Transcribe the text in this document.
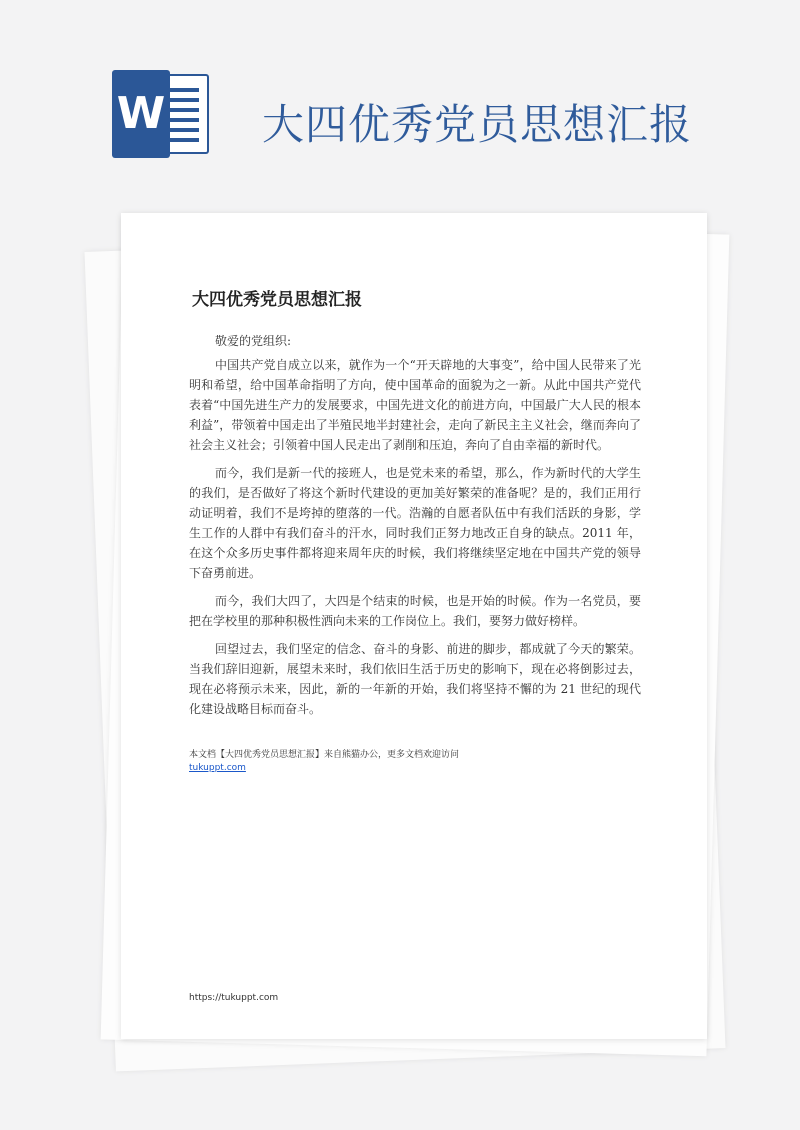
W 大四优秀党员思想汇报
大四优秀党员思想汇报

敬爱的党组织:

中国共产党自成立以来，就作为一个“开天辟地的大事变”，给中国人民带来了光明和希望，给中国革命指明了方向，使中国革命的面貌为之一新。从此中国共产党代表着“中国先进生产力的发展要求，中国先进文化的前进方向，中国最广大人民的根本利益”，带领着中国走出了半殖民地半封建社会，走向了新民主主义社会，继而奔向了社会主义社会；引领着中国人民走出了剥削和压迫，奔向了自由幸福的新时代。

而今，我们是新一代的接班人，也是党未来的希望，那么，作为新时代的大学生的我们，是否做好了将这个新时代建设的更加美好繁荣的准备呢？是的，我们正用行动证明着，我们不是垮掉的堕落的一代。浩瀚的自愿者队伍中有我们活跃的身影，学生工作的人群中有我们奋斗的汗水，同时我们正努力地改正自身的缺点。2011 年，在这个众多历史事件都将迎来周年庆的时候，我们将继续坚定地在中国共产党的领导下奋勇前进。

而今，我们大四了，大四是个结束的时候，也是开始的时候。作为一名党员，要把在学校里的那种积极性洒向未来的工作岗位上。我们，要努力做好榜样。

回望过去，我们坚定的信念、奋斗的身影、前进的脚步，都成就了今天的繁荣。当我们辞旧迎新，展望未来时，我们依旧生活于历史的影响下，现在必将倒影过去，现在必将预示未来，因此，新的一年新的开始，我们将坚持不懈的为 21 世纪的现代化建设战略目标而奋斗。

本文档【大四优秀党员思想汇报】来自熊猫办公，更多文档欢迎访问
tukuppt.com
https://tukuppt.com
